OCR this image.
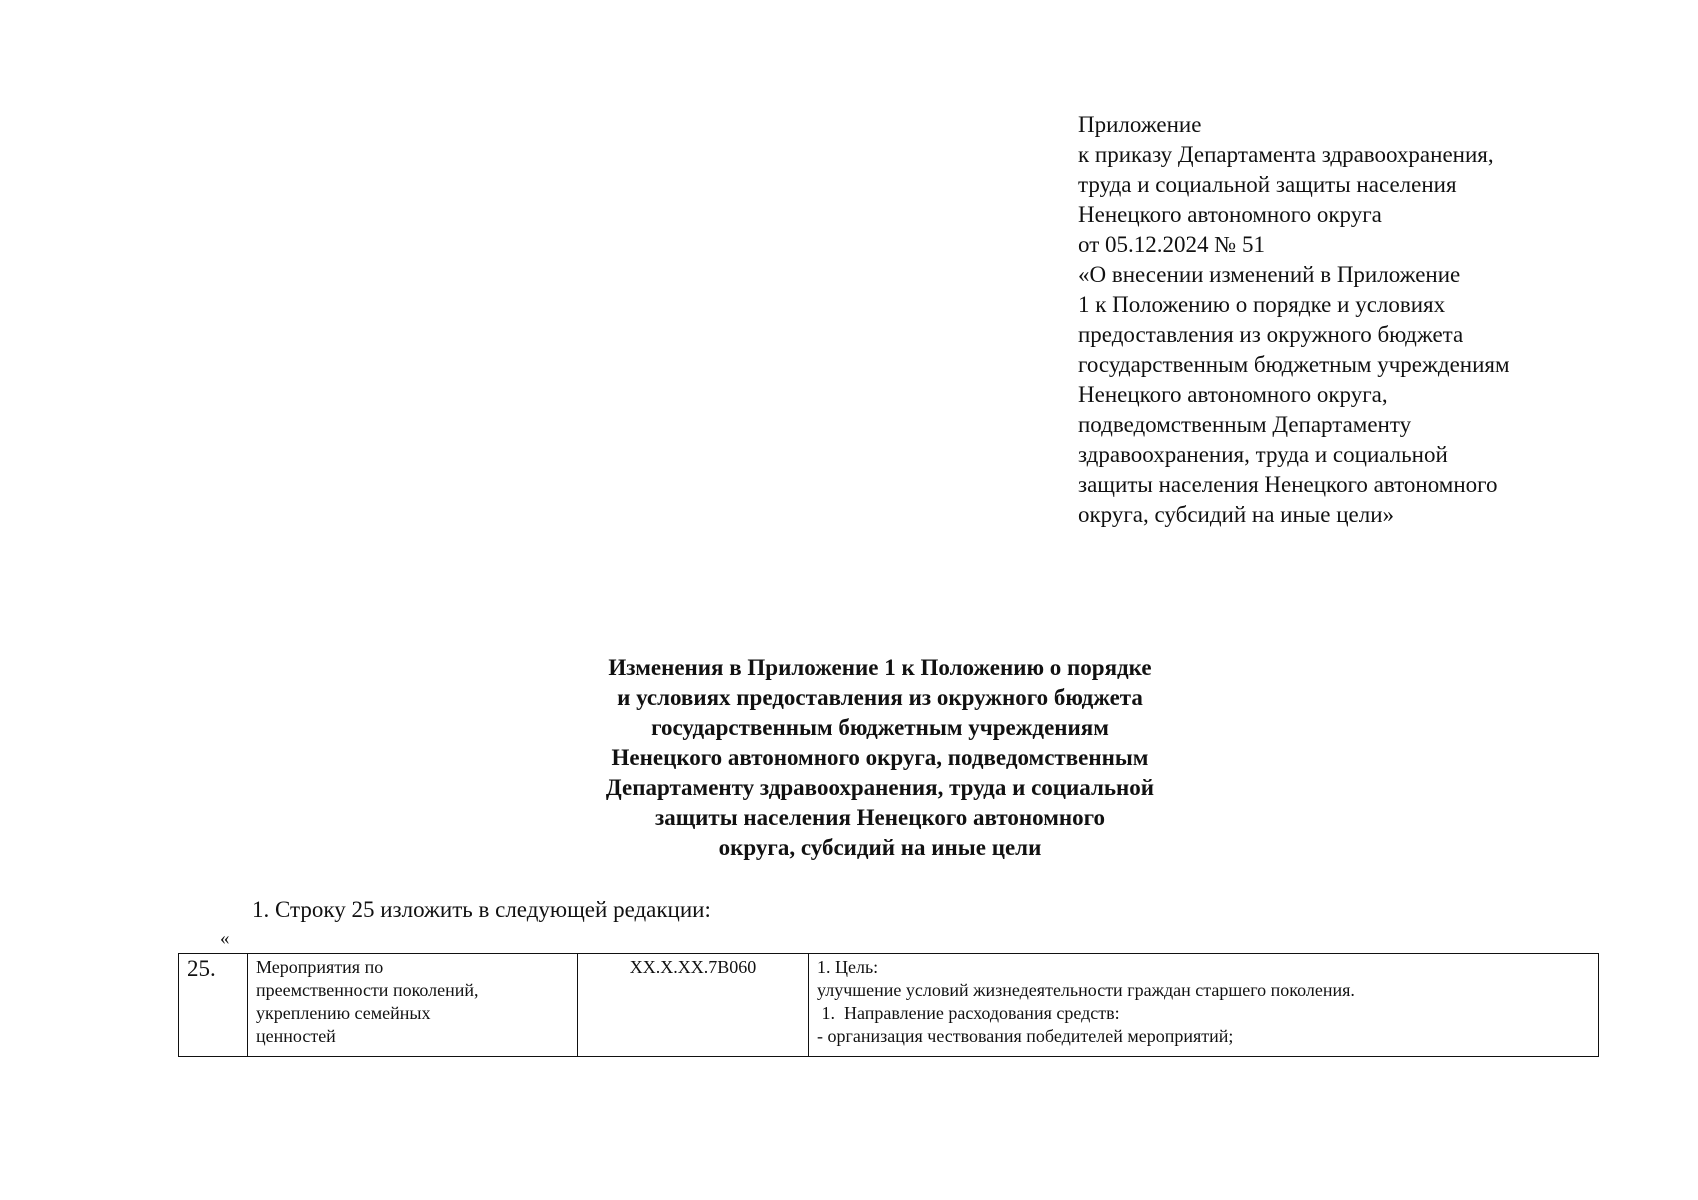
Приложение
к приказу Департамента здравоохранения,
труда и социальной защиты населения
Ненецкого автономного округа
от 05.12.2024 № 51
«О внесении изменений в Приложение
1 к Положению о порядке и условиях
предоставления из окружного бюджета
государственным бюджетным учреждениям
Ненецкого автономного округа,
подведомственным Департаменту
здравоохранения, труда и социальной
защиты населения Ненецкого автономного
округа, субсидий на иные цели»
Изменения в Приложение 1 к Положению о порядке
и условиях предоставления из окружного бюджета
государственным бюджетным учреждениям
Ненецкого автономного округа, подведомственным
Департаменту здравоохранения, труда и социальной
защиты населения Ненецкого автономного
округа, субсидий на иные цели
1. Строку 25 изложить в следующей редакции:
«
25.	Мероприятия по
преемственности поколений,
укреплению семейных
ценностей
	XX.X.XX.7B060	1. Цель:
улучшение условий жизнедеятельности граждан старшего поколения.
1.  Направление расходования средств:
- организация чествования победителей мероприятий;
